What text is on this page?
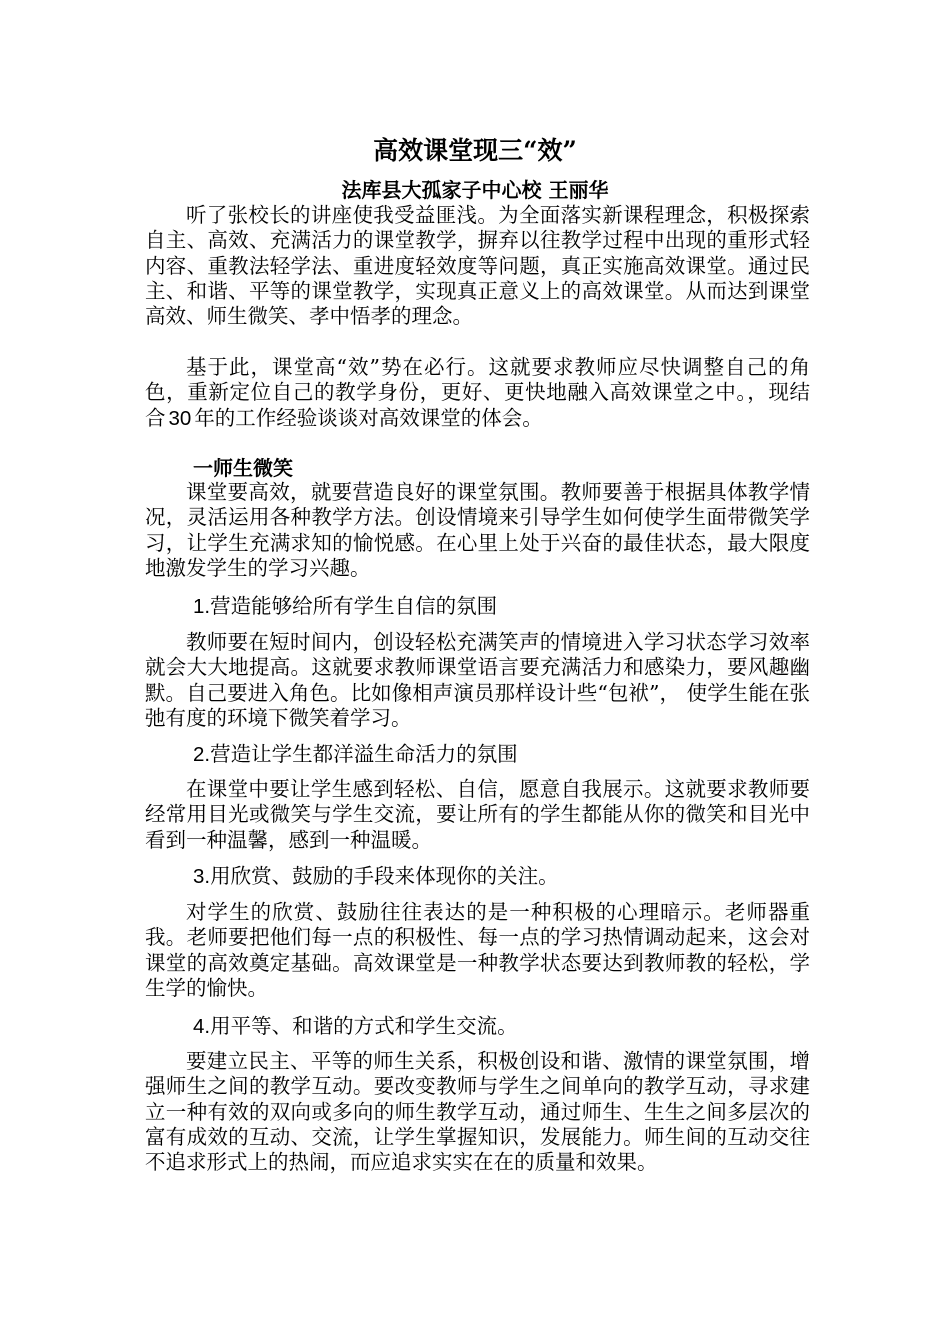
高效课堂现三“效”
法库县大孤家子中心校 王丽华
听了张校长的讲座使我受益匪浅。为全面落实新课程理念，积极探索自主、高效、充满活力的课堂教学，摒弃以往教学过程中出现的重形式轻内容、重教法轻学法、重进度轻效度等问题，真正实施高效课堂。通过民主、和谐、平等的课堂教学，实现真正意义上的高效课堂。从而达到课堂高效、师生微笑、孝中悟孝的理念。
基于此，课堂高“效”势在必行。这就要求教师应尽快调整自己的角色，重新定位自己的教学身份，更好、更快地融入高效课堂之中。，现结合 30 年的工作经验谈谈对高效课堂的体会。
一师生微笑
课堂要高效，就要营造良好的课堂氛围。教师要善于根据具体教学情况，灵活运用各种教学方法。创设情境来引导学生如何使学生面带微笑学习，让学生充满求知的愉悦感。在心里上处于兴奋的最佳状态，最大限度地激发学生的学习兴趣。
1.营造能够给所有学生自信的氛围
教师要在短时间内，创设轻松充满笑声的情境进入学习状态学习效率就会大大地提高。这就要求教师课堂语言要充满活力和感染力，要风趣幽默。自己要进入角色。比如像相声演员那样设计些“包袱”， 使学生能在张弛有度的环境下微笑着学习。
2.营造让学生都洋溢生命活力的氛围
在课堂中要让学生感到轻松、自信，愿意自我展示。这就要求教师要经常用目光或微笑与学生交流，要让所有的学生都能从你的微笑和目光中看到一种温馨，感到一种温暖。
3.用欣赏、鼓励的手段来体现你的关注。
对学生的欣赏、鼓励往往表达的是一种积极的心理暗示。老师器重我。老师要把他们每一点的积极性、每一点的学习热情调动起来，这会对课堂的高效奠定基础。高效课堂是一种教学状态要达到教师教的轻松，学生学的愉快。
4.用平等、和谐的方式和学生交流。
要建立民主、平等的师生关系，积极创设和谐、激情的课堂氛围，增强师生之间的教学互动。要改变教师与学生之间单向的教学互动，寻求建立一种有效的双向或多向的师生教学互动，通过师生、生生之间多层次的富有成效的互动、交流，让学生掌握知识，发展能力。师生间的互动交往不追求形式上的热闹，而应追求实实在在的质量和效果。
